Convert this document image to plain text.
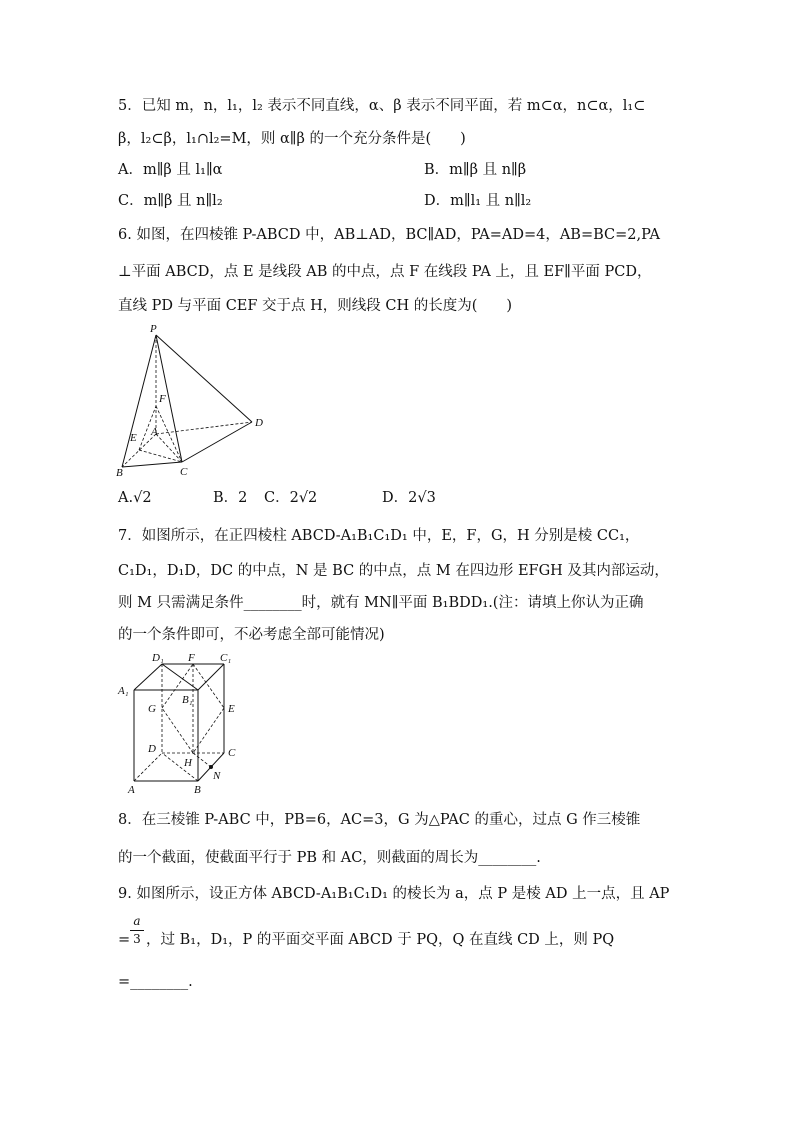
5．已知 m，n，l₁，l₂ 表示不同直线，α、β 表示不同平面，若 m⊂α，n⊂α，l₁⊂
β，l₂⊂β，l₁∩l₂=M，则 α∥β 的一个充分条件是(　　)
A．m∥β 且 l₁∥α	B．m∥β 且 n∥β
C．m∥β 且 n∥l₂	D．m∥l₁ 且 n∥l₂
6. 如图，在四棱锥 P-ABCD 中，AB⊥AD，BC∥AD，PA=AD=4，AB=BC=2,PA
⊥平面 ABCD，点 E 是线段 AB 的中点，点 F 在线段 PA 上，且 EF∥平面 PCD，
直线 PD 与平面 CEF 交于点 H，则线段 CH 的长度为(　　)
P
F
A
E
D
B	C
A.√2	B．2 C．2√2	D．2√3
7．如图所示，在正四棱柱 ABCD-A₁B₁C₁D₁ 中，E，F，G，H 分别是棱 CC₁，
C₁D₁，D₁D，DC 的中点，N 是 BC 的中点，点 M 在四边形 EFGH 及其内部运动，
则 M 只需满足条件________时，就有 MN∥平面 B₁BDD₁.(注：请填上你认为正确
的一个条件即可，不必考虑全部可能情况)
D₁ F C₁
A₁
B₁
G	E
D	C
H
A	B
N
8．在三棱锥 P-ABC 中，PB=6，AC=3，G 为△PAC 的重心，过点 G 作三棱锥
的一个截面，使截面平行于 PB 和 AC，则截面的周长为________.
9. 如图所示，设正方体 ABCD-A₁B₁C₁D₁ 的棱长为 a，点 P 是棱 AD 上一点，且 AP
=
a
3 ，过 B₁，D₁，P 的平面交平面 ABCD 于 PQ，Q 在直线 CD 上，则 PQ
=________.
